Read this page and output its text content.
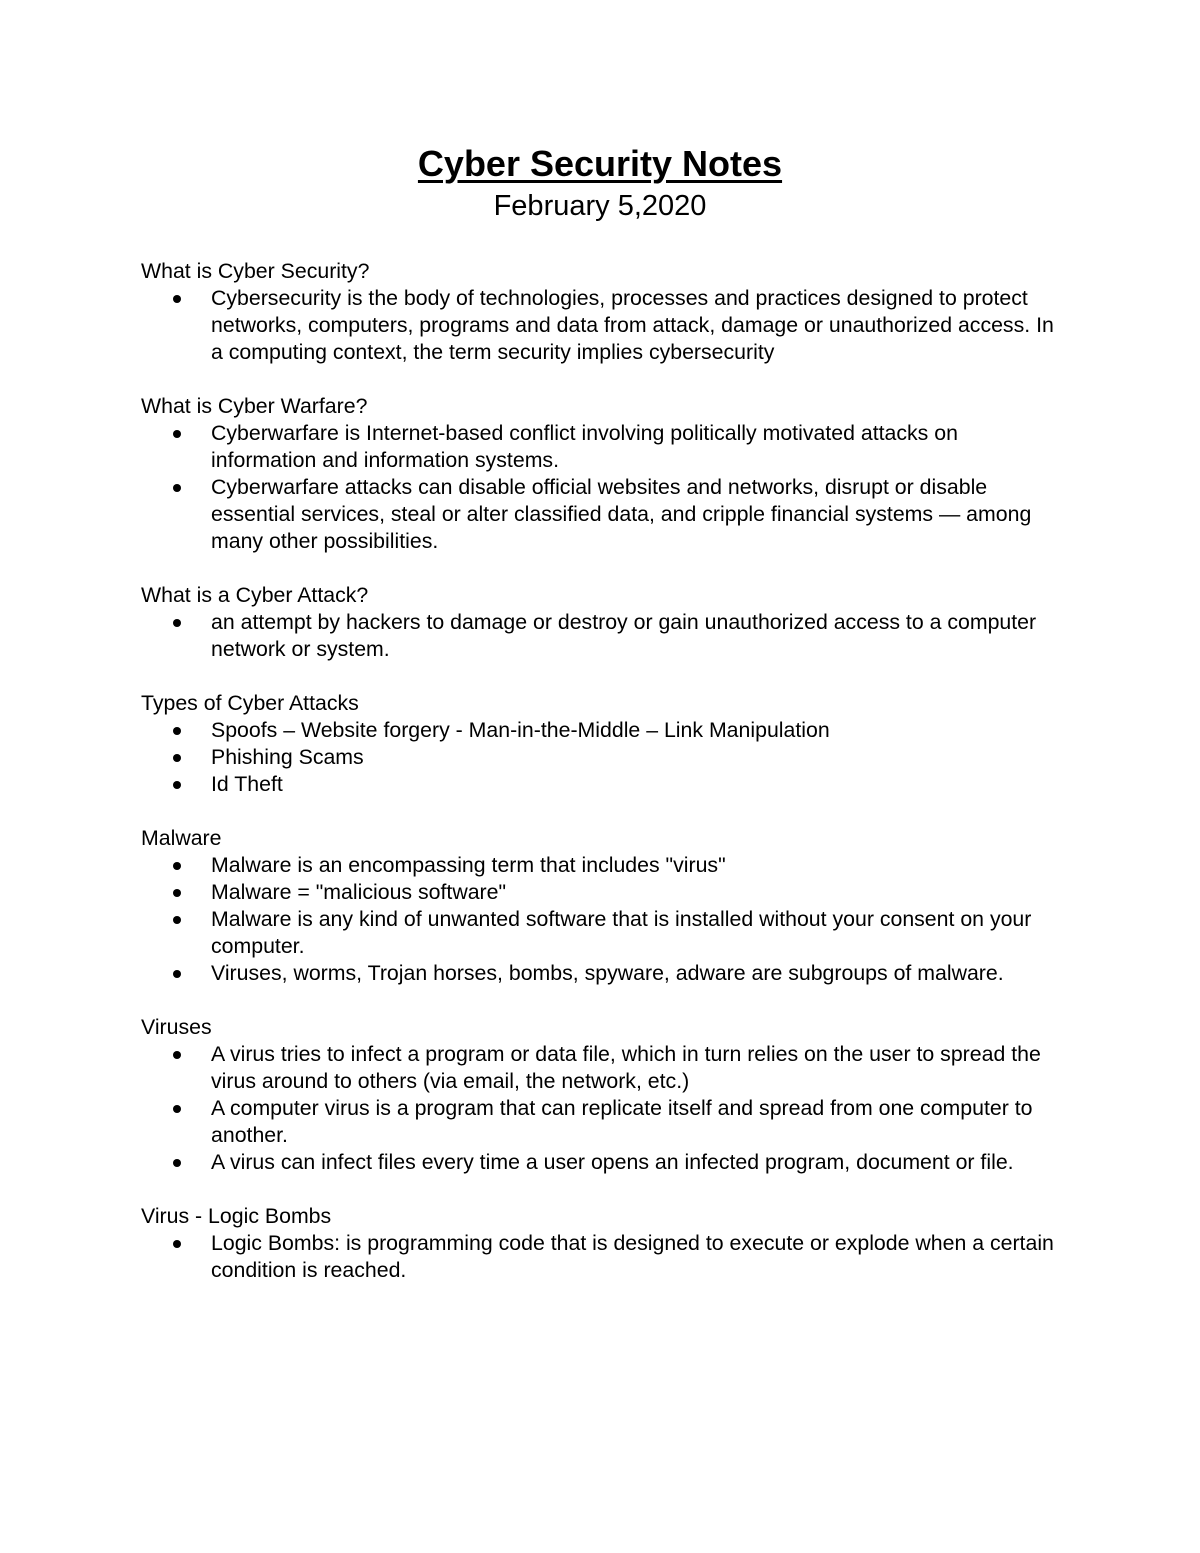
Cyber Security Notes
February 5,2020

What is Cyber Security?

Cybersecurity is the body of technologies, processes and practices designed to protect networks, computers, programs and data from attack, damage or unauthorized access. In a computing context, the term security implies cybersecurity

What is Cyber Warfare?

Cyberwarfare is Internet-based conflict involving politically motivated attacks on information and information systems.
Cyberwarfare attacks can disable official websites and networks, disrupt or disable essential services, steal or alter classified data, and cripple financial systems — among many other possibilities.

What is a Cyber Attack?

an attempt by hackers to damage or destroy or gain unauthorized access to a computer network or system.

Types of Cyber Attacks

Spoofs – Website forgery - Man-in-the-Middle – Link Manipulation
Phishing Scams
Id Theft

Malware

Malware is an encompassing term that includes "virus"
Malware = "malicious software"
Malware is any kind of unwanted software that is installed without your consent on your computer.
Viruses, worms, Trojan horses, bombs, spyware, adware are subgroups of malware.

Viruses

A virus tries to infect a program or data file, which in turn relies on the user to spread the virus around to others (via email, the network, etc.)
A computer virus is a program that can replicate itself and spread from one computer to another.
A virus can infect files every time a user opens an infected program, document or file.

Virus - Logic Bombs

Logic Bombs: is programming code that is designed to execute or explode when a certain condition is reached.
